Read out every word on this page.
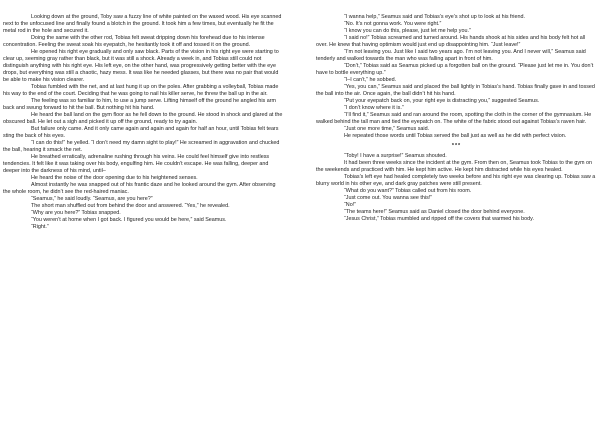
Looking down at the ground, Toby saw a fuzzy line of white painted on the waxed wood. His eye scanned next to the unfocused line and finally found a blotch in the ground. It took him a few times, but eventually he fit the metal rod in the hole and secured it.

Doing the same with the other rod, Tobias felt sweat dripping down his forehead due to his intense concentration. Feeling the sweat soak his eyepatch, he hesitantly took it off and tossed it on the ground.

He opened his right eye gradually and only saw black. Parts of the vision in his right eye were starting to clear up, seeming gray rather than black, but it was still a shock. Already a week in, and Tobias still could not distinguish anything with his right eye. His left eye, on the other hand, was progressively getting better with the eye drops, but everything was still a chaotic, hazy mess. It was like he needed glasses, but there was no pair that would be able to make his vision clearer.

Tobias fumbled with the net, and at last hung it up on the poles. After grabbing a volleyball, Tobias made his way to the end of the court. Deciding that he was going to nail his killer serve, he threw the ball up in the air.

The feeling was so familiar to him, to use a jump serve. Lifting himself off the ground he angled his arm back and swung forward to hit the ball. But nothing hit his hand.

He heard the ball land on the gym floor as he fell down to the ground. He stood in shock and glared at the obscured ball. He let out a sigh and picked it up off the ground, ready to try again.

But failure only came. And it only came again and again and again for half an hour, until Tobias felt tears sting the back of his eyes.

“I can do this!” he yelled. “I don’t need my damn sight to play!” He screamed in aggravation and chucked the ball, hearing it smack the net.

He breathed erratically, adrenaline rushing through his veins. He could feel himself give into restless tendencies. It felt like it was taking over his body, engulfing him. He couldn’t escape. He was falling, deeper and deeper into the darkness of his mind, until–

He heard the noise of the door opening due to his heightened senses.

Almost instantly he was snapped out of his frantic daze and he looked around the gym. After observing the whole room, he didn’t see the red-haired maniac.

“Seamus,” he said loudly. “Seamus, are you here?”

The short man shuffled out from behind the door and answered. “Yes,” he revealed.

“Why are you here?” Tobias snapped.

“You weren’t at home when I got back. I figured you would be here,” said Seamus.

“Right.”

“I wanna help,” Seamus said and Tobias’s eye’s shot up to look at his friend.

“No. It’s not gonna work. You were right.”

“I know you can do this, please, just let me help you.”

“I said no!” Tobias screamed and turned around. His hands shook at his sides and his body felt hot all over. He knew that having optimism would just end up disappointing him. “Just leave!”

“I’m not leaving you. Just like I said two years ago. I’m not leaving you. And I never will,” Seamus said tenderly and walked towards the man who was falling apart in front of him.

“Don’t,” Tobias said as Seamus picked up a forgotten ball on the ground. “Please just let me in. You don’t have to bottle everything up.”

“I–I can’t,” he sobbed.

“Yes, you can,” Seamus said and placed the ball lightly in Tobias’s hand. Tobias finally gave in and tossed the ball into the air. Once again, the ball didn’t hit his hand.

“Put your eyepatch back on, your right eye is distracting you,” suggested Seamus.

“I don’t know where it is.”

“I’ll find it,” Seamus said and ran around the room, spotting the cloth in the corner of the gymnasium. He walked behind the tall man and tied the eyepatch on. The white of the fabric stood out against Tobias’s raven hair.

“Just one more time,” Seamus said.

He repeated those words until Tobias served the ball just as well as he did with perfect vision.

***

“Toby! I have a surprise!” Seamus shouted.

It had been three weeks since the incident at the gym. From then on, Seamus took Tobias to the gym on the weekends and practiced with him. He kept him active. He kept him distracted while his eyes healed.

Tobias’s left eye had healed completely two weeks before and his right eye was clearing up. Tobias saw a blurry world in his other eye, and dark gray patches were still present.

“What do you want?” Tobias called out from his room.

“Just come out. You wanna see this!”

“No!”

“The teams here!” Seamus said as Daniel closed the door behind everyone.

“Jesus Christ,” Tobias mumbled and ripped off the covers that warmed his body.
